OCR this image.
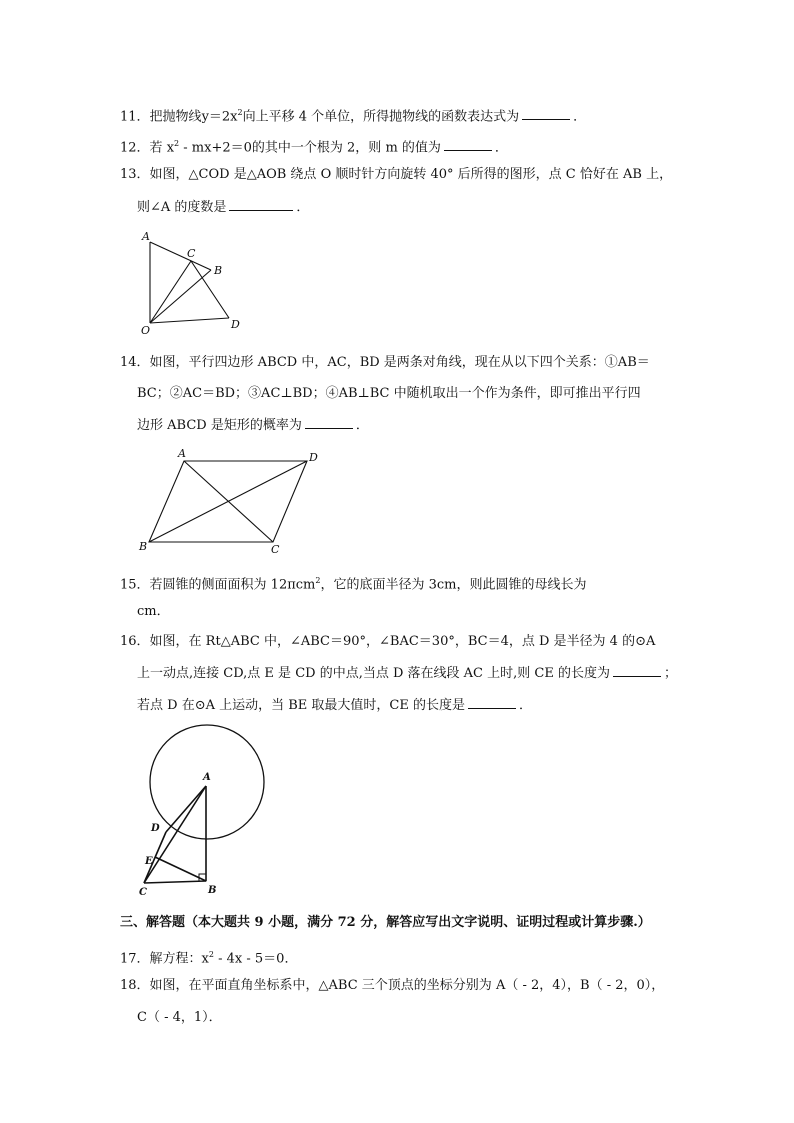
11．把抛物线$y=2x^2$向上平移 4 个单位，所得抛物线的函数表达式为	．
12．若 $x^2 - mx+2=0$的其中一个根为 2，则 m 的值为	．
13．如图，△COD 是△AOB 绕点 O 顺时针方向旋转 40° 后所得的图形，点 C 恰好在 AB 上，
则∠A 的度数是	．
A
C
B
O	D
14．如图，平行四边形 ABCD 中，AC，BD 是两条对角线，现在从以下四个关系：①AB＝
BC；②AC＝BD；③AC⊥BD；④AB⊥BC 中随机取出一个作为条件，即可推出平行四
边形 ABCD 是矩形的概率为	．
A	D
B	C
15．若圆锥的侧面面积为 12πcm$^2$，它的底面半径为 3cm，则此圆锥的母线长为
cm．
16．如图，在 Rt△ABC 中，∠ABC＝90°，∠BAC＝30°，BC＝4，点 D 是半径为 4 的⊙A
上一动点,连接 CD,点 E 是 CD 的中点,当点 D 落在线段 AC 上时,则 CE 的长度为	；
若点 D 在⊙A 上运动，当 BE 取最大值时，CE 的长度是	．
A
D
E
C	B
三、解答题（本大题共 9 小题，满分 72 分，解答应写出文字说明、证明过程或计算步骤.）
17．解方程：$x^2 - 4x - 5=0$．
18．如图，在平面直角坐标系中，△ABC 三个顶点的坐标分别为 A（ - 2，4），B（ - 2，0），
C（ - 4，1）．
